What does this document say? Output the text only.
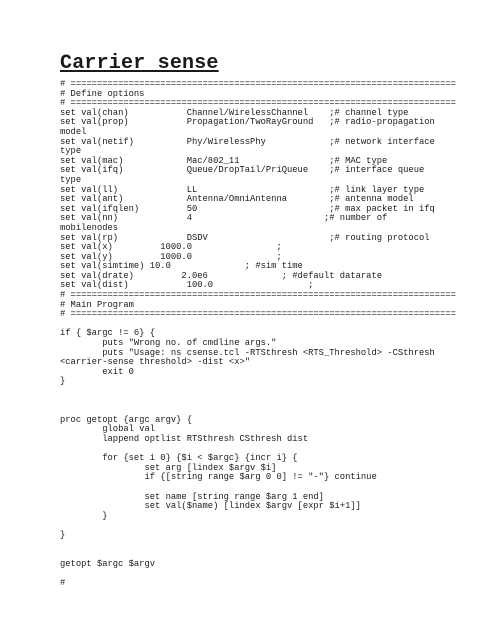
Carrier sense
# =========================================================================
# Define options
# =========================================================================
set val(chan)           Channel/WirelessChannel    ;# channel type
set val(prop)           Propagation/TwoRayGround   ;# radio-propagation
model
set val(netif)          Phy/WirelessPhy            ;# network interface
type
set val(mac)            Mac/802_11                 ;# MAC type
set val(ifq)            Queue/DropTail/PriQueue    ;# interface queue
type
set val(ll)             LL                         ;# link layer type
set val(ant)            Antenna/OmniAntenna        ;# antenna model
set val(ifqlen)         50                         ;# max packet in ifq
set val(nn)             4                         ;# number of
mobilenodes
set val(rp)             DSDV                       ;# routing protocol
set val(x)         1000.0                ;
set val(y)         1000.0                ;
set val(simtime) 10.0              ; #sim time
set val(drate)         2.0e6              ; #default datarate
set val(dist)           100.0                  ;
# =========================================================================
# Main Program
# =========================================================================

if { $argc != 6} {
puts "Wrong no. of cmdline args."
puts "Usage: ns csense.tcl -RTSthresh <RTS_Threshold> -CSthresh
<carrier-sense threshold> -dist <x>"
exit 0
}

proc getopt {argc argv} {
global val
lappend optlist RTSthresh CSthresh dist

for {set i 0} {$i < $argc} {incr i} {
set arg [lindex $argv $i]
if {[string range $arg 0 0] != "-"} continue

set name [string range $arg 1 end]
set val($name) [lindex $argv [expr $i+1]]
}

}

getopt $argc $argv

#
